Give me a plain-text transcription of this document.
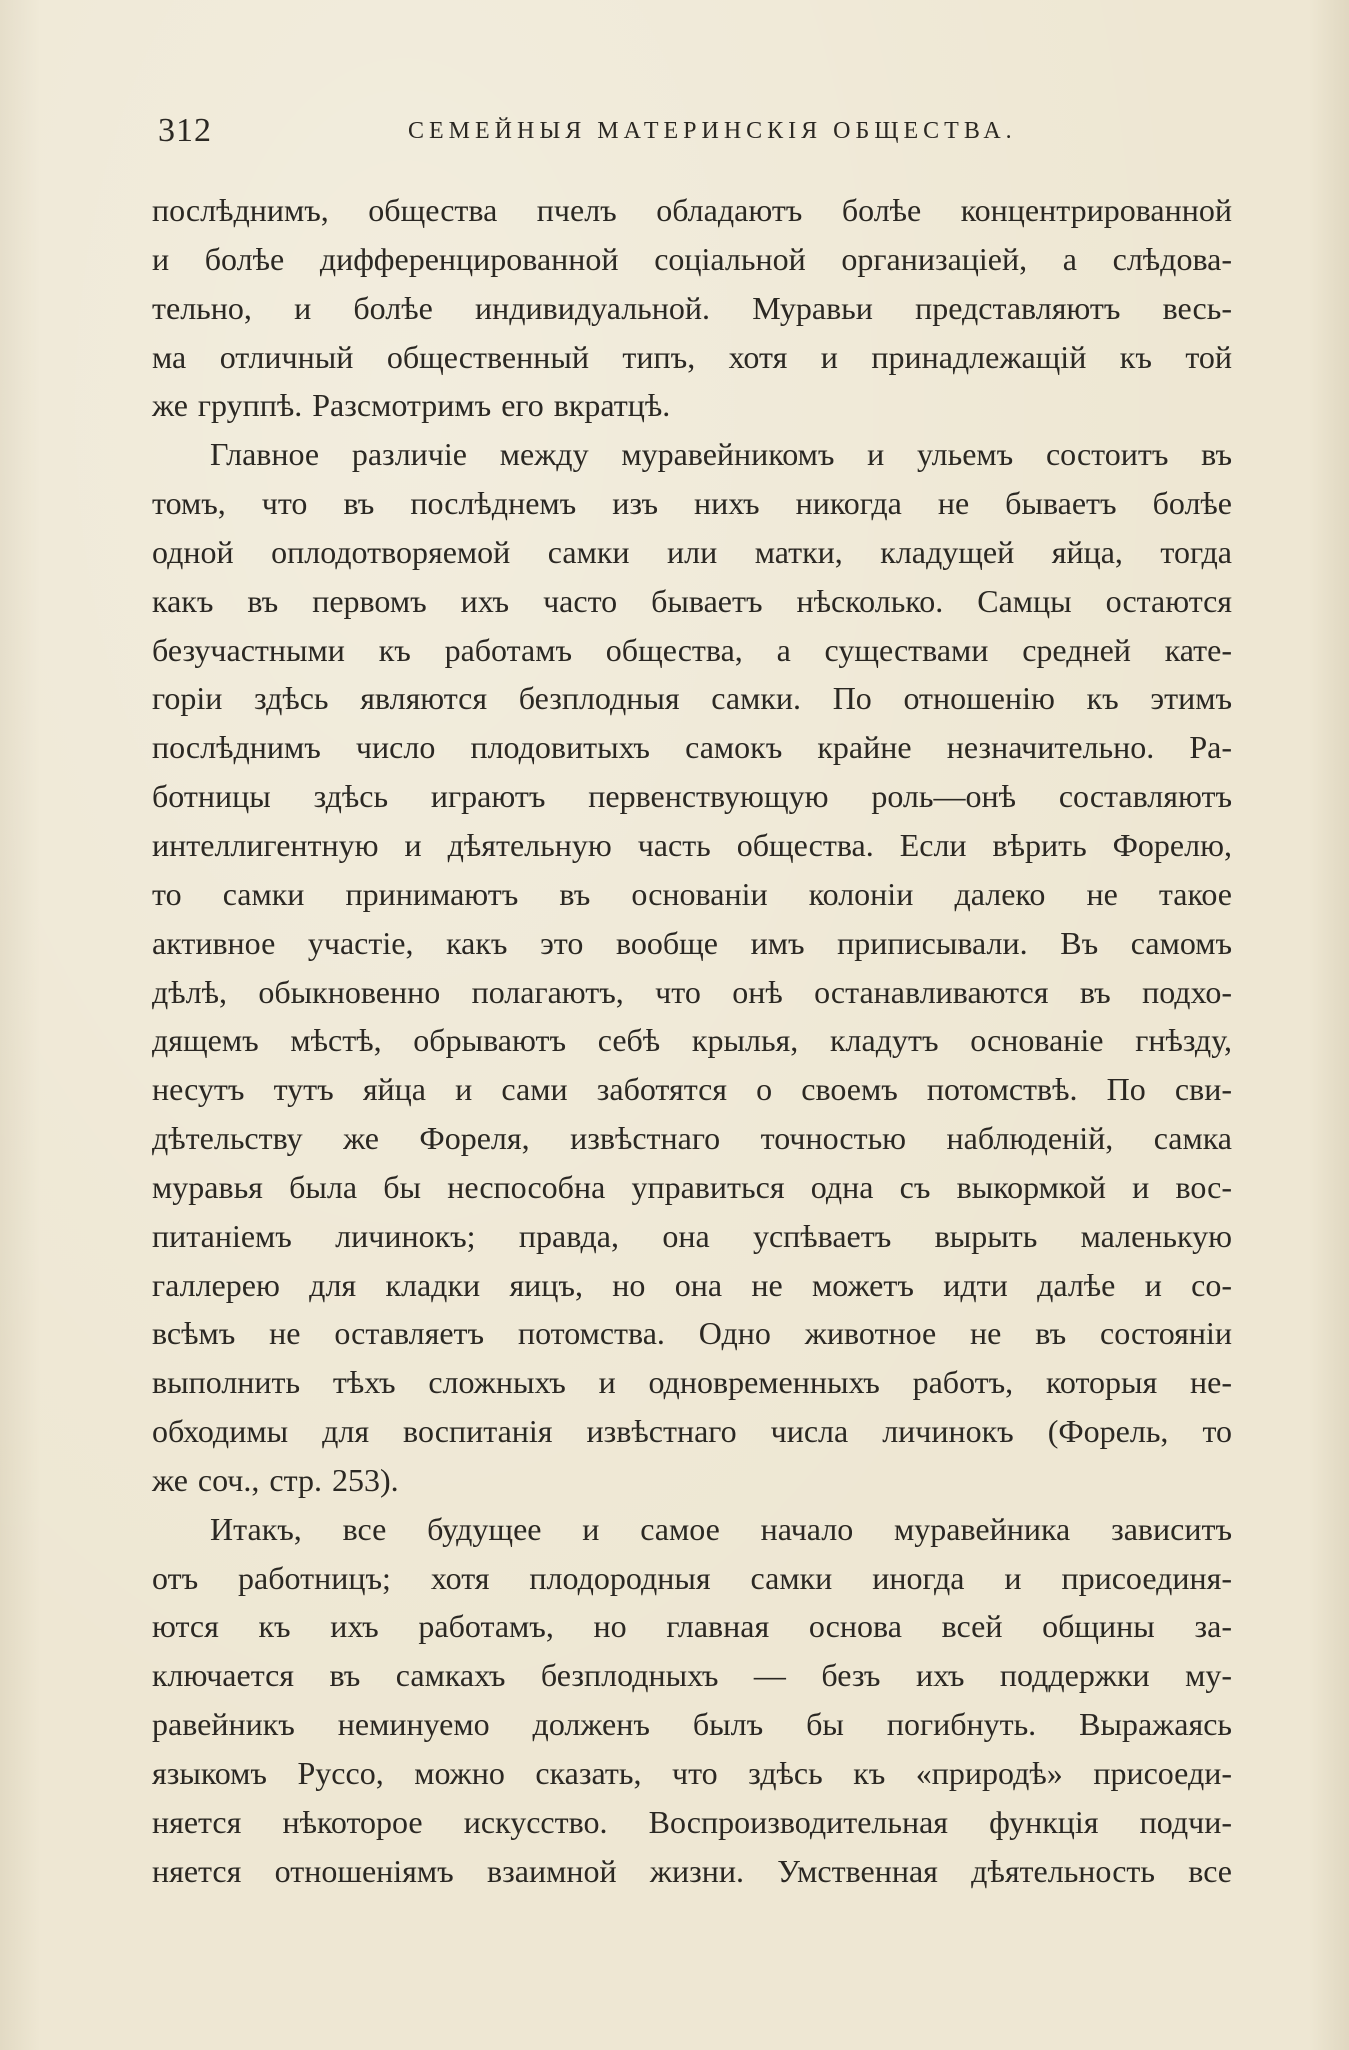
312	СЕМЕЙНЫЯ МАТЕРИНСКІЯ ОБЩЕСТВА.
послѣднимъ, общества пчелъ обладаютъ болѣе концентрированной
и болѣе дифференцированной соціальной организаціей, а слѣдова-
тельно, и болѣе индивидуальной. Муравьи представляютъ весь-
ма отличный общественный типъ, хотя и принадлежащій къ той
же группѣ. Разсмотримъ его вкратцѣ.
Главное различіе между муравейникомъ и ульемъ состоитъ въ
томъ, что въ послѣднемъ изъ нихъ никогда не бываетъ болѣе
одной оплодотворяемой самки или матки, кладущей яйца, тогда
какъ въ первомъ ихъ часто бываетъ нѣсколько. Самцы остаются
безучастными къ работамъ общества, а существами средней кате-
горіи здѣсь являются безплодныя самки. По отношенію къ этимъ
послѣднимъ число плодовитыхъ самокъ крайне незначительно. Ра-
ботницы здѣсь играютъ первенствующую роль—онѣ составляютъ
интеллигентную и дѣятельную часть общества. Если вѣрить Форелю,
то самки принимаютъ въ основаніи колоніи далеко не такое
активное участіе, какъ это вообще имъ приписывали. Въ самомъ
дѣлѣ, обыкновенно полагаютъ, что онѣ останавливаются въ подхо-
дящемъ мѣстѣ, обрываютъ себѣ крылья, кладутъ основаніе гнѣзду,
несутъ тутъ яйца и сами заботятся о своемъ потомствѣ. По сви-
дѣтельству же Фореля, извѣстнаго точностью наблюденій, самка
муравья была бы неспособна управиться одна съ выкормкой и вос-
питаніемъ личинокъ; правда, она успѣваетъ вырыть маленькую
галлерею для кладки яицъ, но она не можетъ идти далѣе и со-
всѣмъ не оставляетъ потомства. Одно животное не въ состояніи
выполнить тѣхъ сложныхъ и одновременныхъ работъ, которыя не-
обходимы для воспитанія извѣстнаго числа личинокъ (Форель, то
же соч., стр. 253).
Итакъ, все будущее и самое начало муравейника зависитъ
отъ работницъ; хотя плодородныя самки иногда и присоединя-
ются къ ихъ работамъ, но главная основа всей общины за-
ключается въ самкахъ безплодныхъ — безъ ихъ поддержки му-
равейникъ неминуемо долженъ былъ бы погибнуть. Выражаясь
языкомъ Руссо, можно сказать, что здѣсь къ «природѣ» присоеди-
няется нѣкоторое искусство. Воспроизводительная функція подчи-
няется отношеніямъ взаимной жизни. Умственная дѣятельность все
